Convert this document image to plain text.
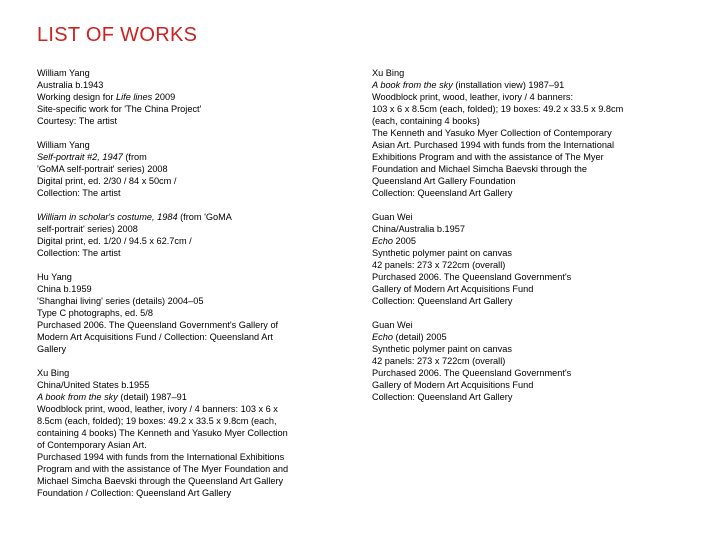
LIST OF WORKS
William Yang
Australia b.1943
Working design for Life lines 2009
Site-specific work for 'The China Project'
Courtesy: The artist
William Yang
Self-portrait #2, 1947 (from
'GoMA self-portrait' series) 2008
Digital print, ed. 2/30 / 84 x 50cm /
Collection: The artist
William in scholar's costume, 1984 (from 'GoMA
self-portrait' series) 2008
Digital print, ed. 1/20 / 94.5 x 62.7cm /
Collection: The artist
Hu Yang
China b.1959
'Shanghai living' series (details) 2004–05
Type C photographs, ed. 5/8
Purchased 2006. The Queensland Government's Gallery of
Modern Art Acquisitions Fund / Collection: Queensland Art
Gallery
Xu Bing
China/United States b.1955
A book from the sky (detail) 1987–91
Woodblock print, wood, leather, ivory / 4 banners: 103 x 6 x
8.5cm (each, folded); 19 boxes: 49.2 x 33.5 x 9.8cm (each,
containing 4 books) The Kenneth and Yasuko Myer Collection
of Contemporary Asian Art.
Purchased 1994 with funds from the International Exhibitions
Program and with the assistance of The Myer Foundation and
Michael Simcha Baevski through the Queensland Art Gallery
Foundation / Collection: Queensland Art Gallery
Xu Bing
A book from the sky (installation view) 1987–91
Woodblock print, wood, leather, ivory / 4 banners:
103 x 6 x 8.5cm (each, folded); 19 boxes: 49.2 x 33.5 x 9.8cm
(each, containing 4 books)
The Kenneth and Yasuko Myer Collection of Contemporary
Asian Art. Purchased 1994 with funds from the International
Exhibitions Program and with the assistance of The Myer
Foundation and Michael Simcha Baevski through the
Queensland Art Gallery Foundation
Collection: Queensland Art Gallery
Guan Wei
China/Australia b.1957
Echo 2005
Synthetic polymer paint on canvas
42 panels: 273 x 722cm (overall)
Purchased 2006. The Queensland Government's
Gallery of Modern Art Acquisitions Fund
Collection: Queensland Art Gallery
Guan Wei
Echo (detail) 2005
Synthetic polymer paint on canvas
42 panels: 273 x 722cm (overall)
Purchased 2006. The Queensland Government's
Gallery of Modern Art Acquisitions Fund
Collection: Queensland Art Gallery
